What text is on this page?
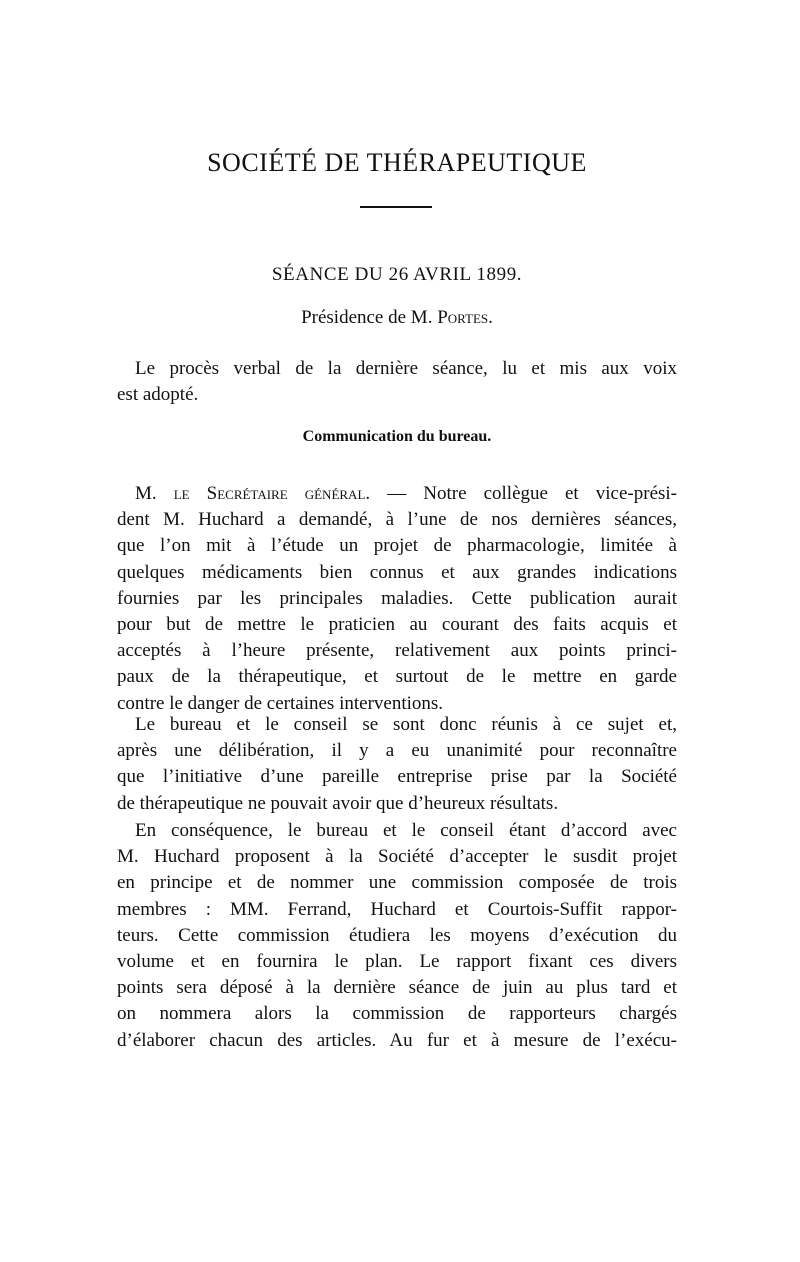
SOCIÉTÉ DE THÉRAPEUTIQUE

SÉANCE DU 26 AVRIL 1899.

Présidence de M. Portes.

Le procès verbal de la dernière séance, lu et mis aux voix
est adopté.

Communication du bureau.

M. le Secrétaire général. — Notre collègue et vice-prési-
dent M. Huchard a demandé, à l’une de nos dernières séances,
que l’on mit à l’étude un projet de pharmacologie, limitée à
quelques médicaments bien connus et aux grandes indications
fournies par les principales maladies. Cette publication aurait
pour but de mettre le praticien au courant des faits acquis et
acceptés à l’heure présente, relativement aux points princi-
paux de la thérapeutique, et surtout de le mettre en garde
contre le danger de certaines interventions.

Le bureau et le conseil se sont donc réunis à ce sujet et,
après une délibération, il y a eu unanimité pour reconnaître
que l’initiative d’une pareille entreprise prise par la Société
de thérapeutique ne pouvait avoir que d’heureux résultats.

En conséquence, le bureau et le conseil étant d’accord avec
M. Huchard proposent à la Société d’accepter le susdit projet
en principe et de nommer une commission composée de trois
membres : MM. Ferrand, Huchard et Courtois-Suffit rappor-
teurs. Cette commission étudiera les moyens d’exécution du
volume et en fournira le plan. Le rapport fixant ces divers
points sera déposé à la dernière séance de juin au plus tard et
on nommera alors la commission de rapporteurs chargés
d’élaborer chacun des articles. Au fur et à mesure de l’exécu-
